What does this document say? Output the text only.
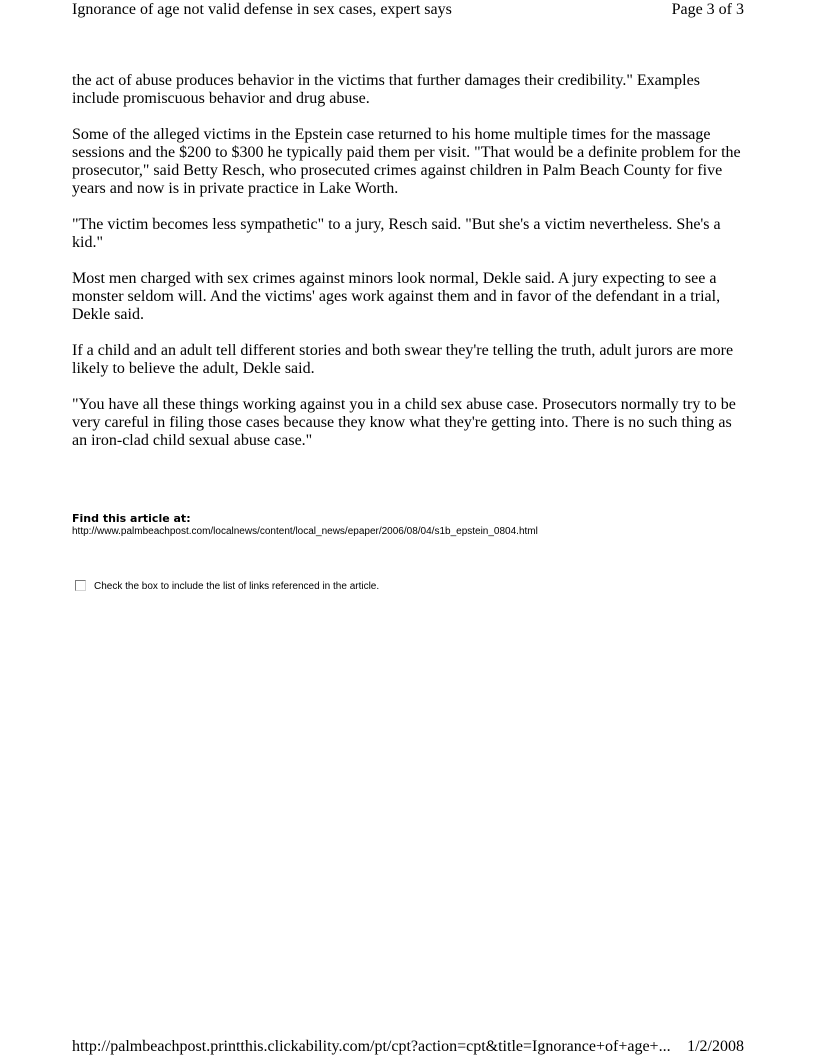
Ignorance of age not valid defense in sex cases, expert says	Page 3 of 3

the act of abuse produces behavior in the victims that further damages their credibility." Examples include promiscuous behavior and drug abuse.

Some of the alleged victims in the Epstein case returned to his home multiple times for the massage sessions and the $200 to $300 he typically paid them per visit. "That would be a definite problem for the prosecutor," said Betty Resch, who prosecuted crimes against children in Palm Beach County for five years and now is in private practice in Lake Worth.

"The victim becomes less sympathetic" to a jury, Resch said. "But she's a victim nevertheless. She's a kid."

Most men charged with sex crimes against minors look normal, Dekle said. A jury expecting to see a monster seldom will. And the victims' ages work against them and in favor of the defendant in a trial, Dekle said.

If a child and an adult tell different stories and both swear they're telling the truth, adult jurors are more likely to believe the adult, Dekle said.

"You have all these things working against you in a child sex abuse case. Prosecutors normally try to be very careful in filing those cases because they know what they're getting into. There is no such thing as an iron-clad child sexual abuse case."

Find this article at:
http://www.palmbeachpost.com/localnews/content/local_news/epaper/2006/08/04/s1b_epstein_0804.html
Check the box to include the list of links referenced in the article.
http://palmbeachpost.printthis.clickability.com/pt/cpt?action=cpt&title=Ignorance+of+age+... 1/2/2008
